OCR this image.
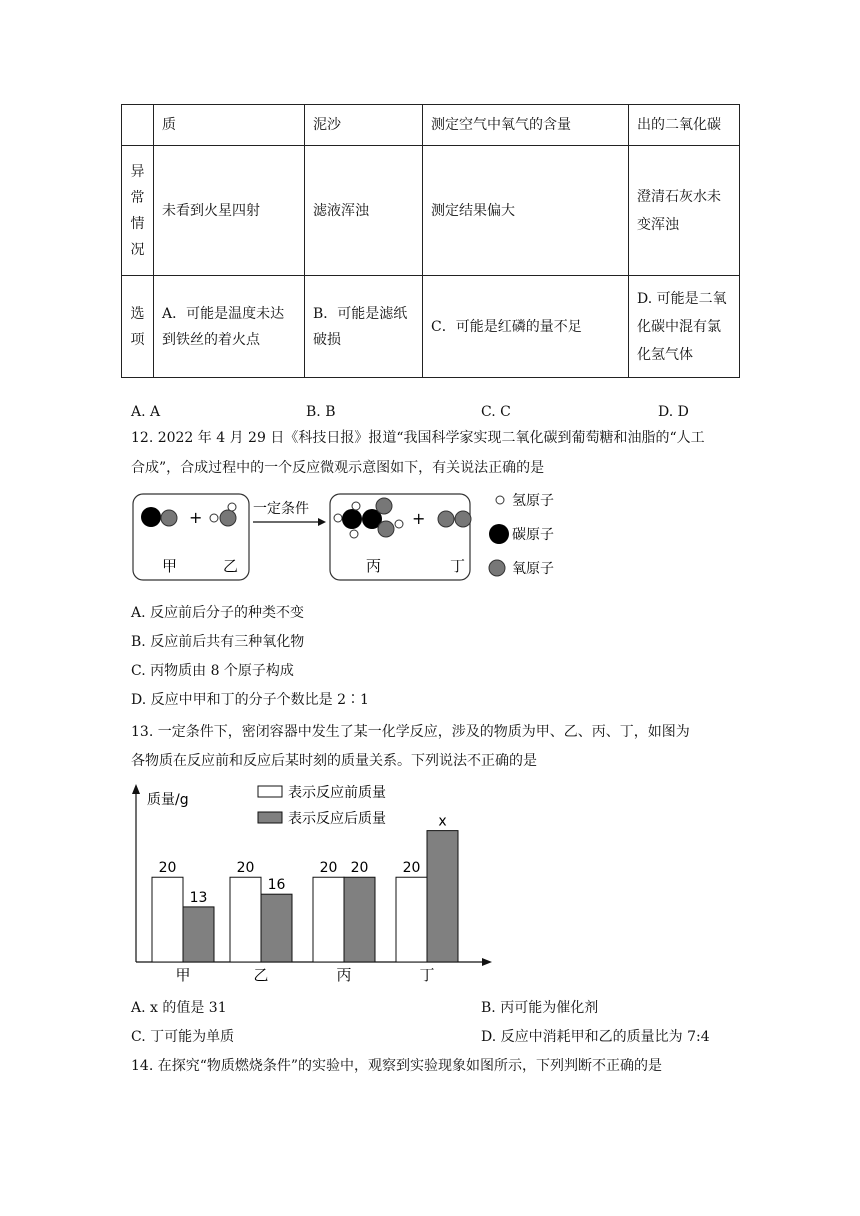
	质	泥沙	测定空气中氧气的含量	出的二氧化碳

异
常
情
况	未看到火星四射	滤液浑浊	测定结果偏大	澄清石灰水未变浑浊

选
项	A．可能是温度未达到铁丝的着火点	B．可能是滤纸破损	C．可能是红磷的量不足	D. 可能是二氧化碳中混有氯化氢气体
A. A	B. B	C. C	D. D
12. 2022 年 4 月 29 日《科技日报》报道“我国科学家实现二氧化碳到葡萄糖和油脂的“人工
合成”，合成过程中的一个反应微观示意图如下，有关说法正确的是
+
甲	乙
一定条件	+
丙	丁
氢原子
碳原子
氧原子
A. 反应前后分子的种类不变
B. 反应前后共有三种氧化物
C. 丙物质由 8 个原子构成
D. 反应中甲和丁的分子个数比是 2∶1
13. 一定条件下，密闭容器中发生了某一化学反应，涉及的物质为甲、乙、丙、丁，如图为
各物质在反应前和反应后某时刻的质量关系。下列说法不正确的是
质量/g	表示反应前质量
表示反应后质量
20
13
甲
20
16
乙
20 20
丙
20
x
丁
A. x 的值是 31	B. 丙可能为催化剂
C. 丁可能为单质	D. 反应中消耗甲和乙的质量比为 7:4
14. 在探究“物质燃烧条件”的实验中，观察到实验现象如图所示，下列判断不正确的是
